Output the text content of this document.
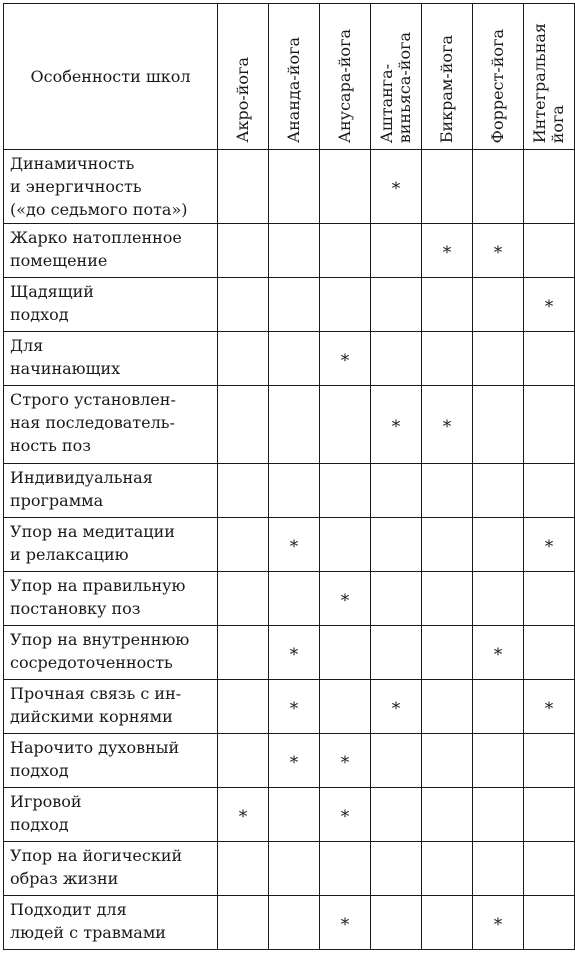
Особенности школ	Акро-йога	Ананда-йога	Анусара-йога	Аштанга-
виньяса-йога	Бикрам-йога	Форрест-йога	Интегральная
йога

Динамичность
и энергичность
(«до седьмого пота»)				*			
Жарко натопленное
помещение					*	*	
Щадящий
подход							*
Для
начинающих			*				
Строго установлен-
ная последователь-
ность поз				*	*		
Индивидуальная
программа							
Упор на медитации
и релаксацию		*					*
Упор на правильную
постановку поз			*				
Упор на внутреннюю
сосредоточенность		*				*	
Прочная связь с ин-
дийскими корнями		*		*			*
Нарочито духовный
подход		*	*				
Игровой
подход	*		*				
Упор на йогический
образ жизни							
Подходит для
людей с травмами			*			*	
